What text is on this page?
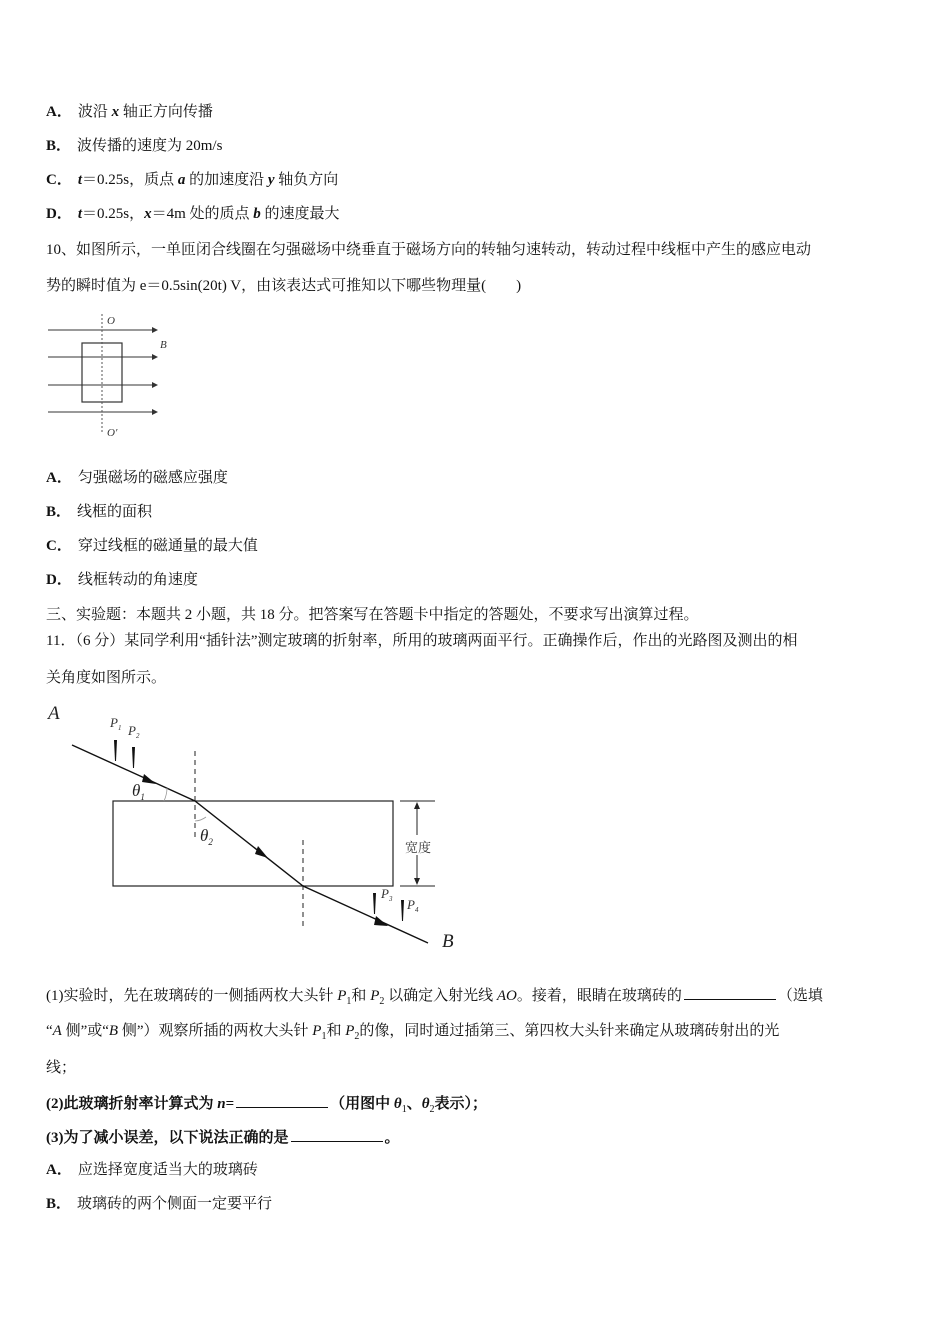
A． 波沿 x 轴正方向传播
B． 波传播的速度为 20m/s
C． t＝0.25s，质点 a 的加速度沿 y 轴负方向
D． t＝0.25s，x＝4m 处的质点 b 的速度最大
10、如图所示，一单匝闭合线圈在匀强磁场中绕垂直于磁场方向的转轴匀速转动，转动过程中线框中产生的感应电动
势的瞬时值为 e＝0.5sin(20t) V，由该表达式可推知以下哪些物理量(　　)
O
O′
B
A． 匀强磁场的磁感应强度
B． 线框的面积
C． 穿过线框的磁通量的最大值
D． 线框转动的角速度
三、实验题：本题共 2 小题，共 18 分。把答案写在答题卡中指定的答题处，不要求写出演算过程。
11．（6 分）某同学利用“插针法”测定玻璃的折射率，所用的玻璃两面平行。正确操作后，作出的光路图及测出的相
关角度如图所示。
A
B
宽度
$\theta_1$
$\theta_2$
$P_1$ $P_2$
$P_3$ $P_4$
(1)实验时，先在玻璃砖的一侧插两枚大头针 $P_1$和 $P_2$ 以确定入射光线 AO。接着，眼睛在玻璃砖的	（选填
“A 侧”或“B 侧”）观察所插的两枚大头针 $P_1$和 $P_2$的像，同时通过插第三、第四枚大头针来确定从玻璃砖射出的光
线；
(2)此玻璃折射率计算式为 n=	（用图中 $\theta_1$、$\theta_2$表示）；
(3)为了减小误差，以下说法正确的是	。
A． 应选择宽度适当大的玻璃砖
B． 玻璃砖的两个侧面一定要平行
